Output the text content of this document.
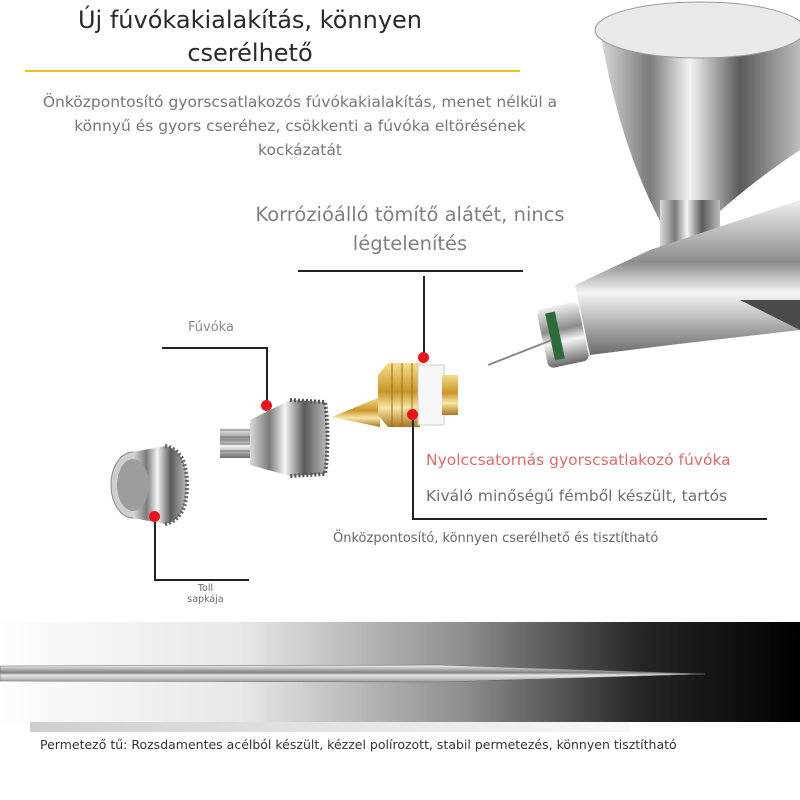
Új fúvókakialakítás, könnyen
cserélhető
Önközpontosító gyorscsatlakozós fúvókakialakítás, menet nélkül a
könnyű és gyors cseréhez, csökkenti a fúvóka eltörésének kockázatát
Korrózióálló tömítő alátét, nincs
légtelenítés
Fúvóka
Nyolccsatornás gyorscsatlakozó fúvóka
Kiváló minőségű fémből készült, tartós
Önközpontosító, könnyen cserélhető és tisztítható
Toll
sapkája
Permetező tű: Rozsdamentes acélból készült, kézzel polírozott, stabil permetezés, könnyen tisztítható
